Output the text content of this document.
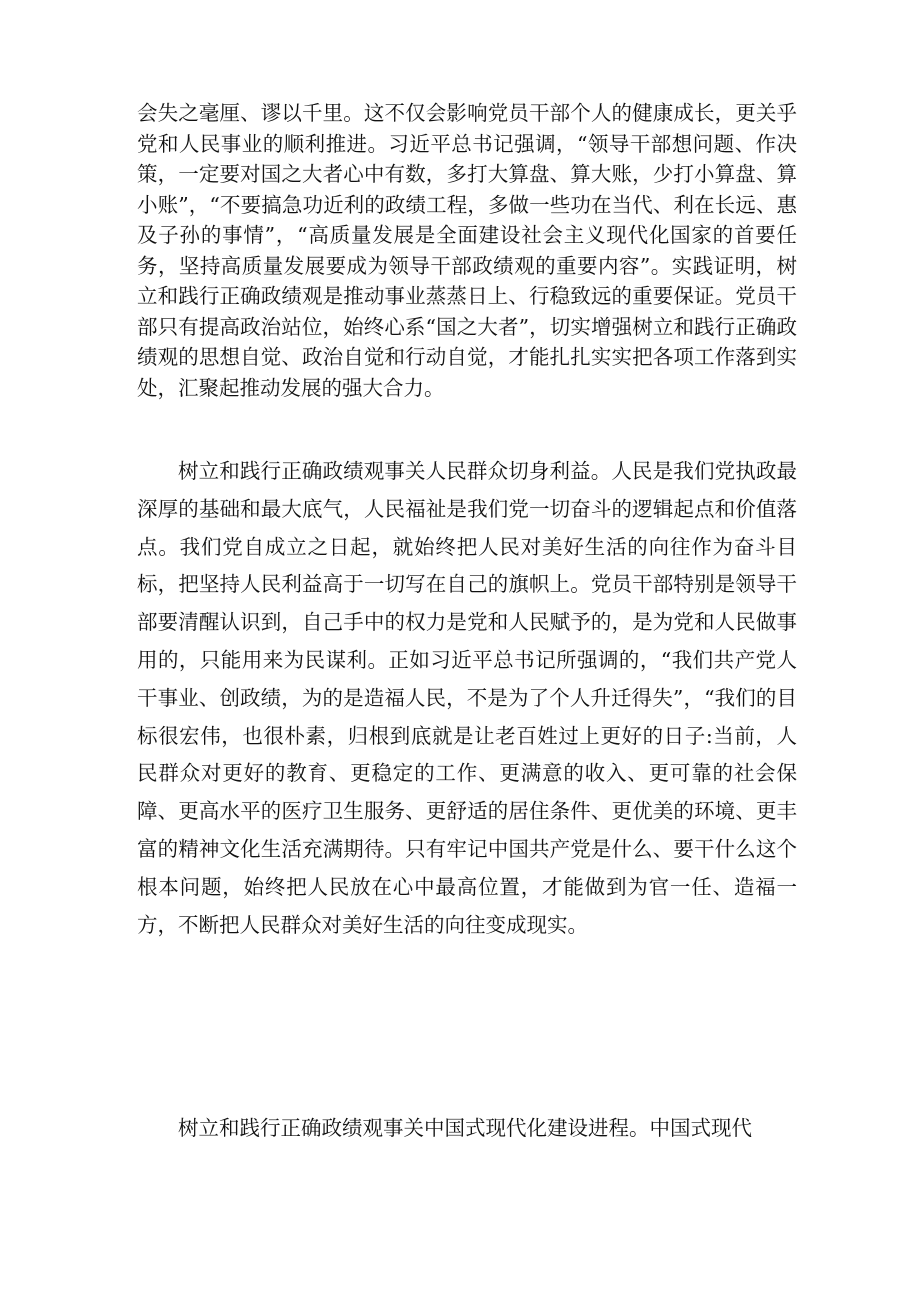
会失之毫厘、谬以千里。这不仅会影响党员干部个人的健康成长，更关乎党和人民事业的顺利推进。习近平总书记强调，“领导干部想问题、作决策，一定要对国之大者心中有数，多打大算盘、算大账，少打小算盘、算小账”，“不要搞急功近利的政绩工程，多做一些功在当代、利在长远、惠及子孙的事情”，“高质量发展是全面建设社会主义现代化国家的首要任务，坚持高质量发展要成为领导干部政绩观的重要内容”。实践证明，树立和践行正确政绩观是推动事业蒸蒸日上、行稳致远的重要保证。党员干部只有提高政治站位，始终心系“国之大者”，切实增强树立和践行正确政绩观的思想自觉、政治自觉和行动自觉，才能扎扎实实把各项工作落到实处，汇聚起推动发展的强大合力。

树立和践行正确政绩观事关人民群众切身利益。人民是我们党执政最深厚的基础和最大底气，人民福祉是我们党一切奋斗的逻辑起点和价值落点。我们党自成立之日起，就始终把人民对美好生活的向往作为奋斗目标，把坚持人民利益高于一切写在自己的旗帜上。党员干部特别是领导干部要清醒认识到，自己手中的权力是党和人民赋予的，是为党和人民做事用的，只能用来为民谋利。正如习近平总书记所强调的，“我们共产党人干事业、创政绩，为的是造福人民，不是为了个人升迁得失”，“我们的目标很宏伟，也很朴素，归根到底就是让老百姓过上更好的日子:当前，人民群众对更好的教育、更稳定的工作、更满意的收入、更可靠的社会保障、更高水平的医疗卫生服务、更舒适的居住条件、更优美的环境、更丰富的精神文化生活充满期待。只有牢记中国共产党是什么、要干什么这个根本问题，始终把人民放在心中最高位置，才能做到为官一任、造福一方，不断把人民群众对美好生活的向往变成现实。

树立和践行正确政绩观事关中国式现代化建设进程。中国式现代
